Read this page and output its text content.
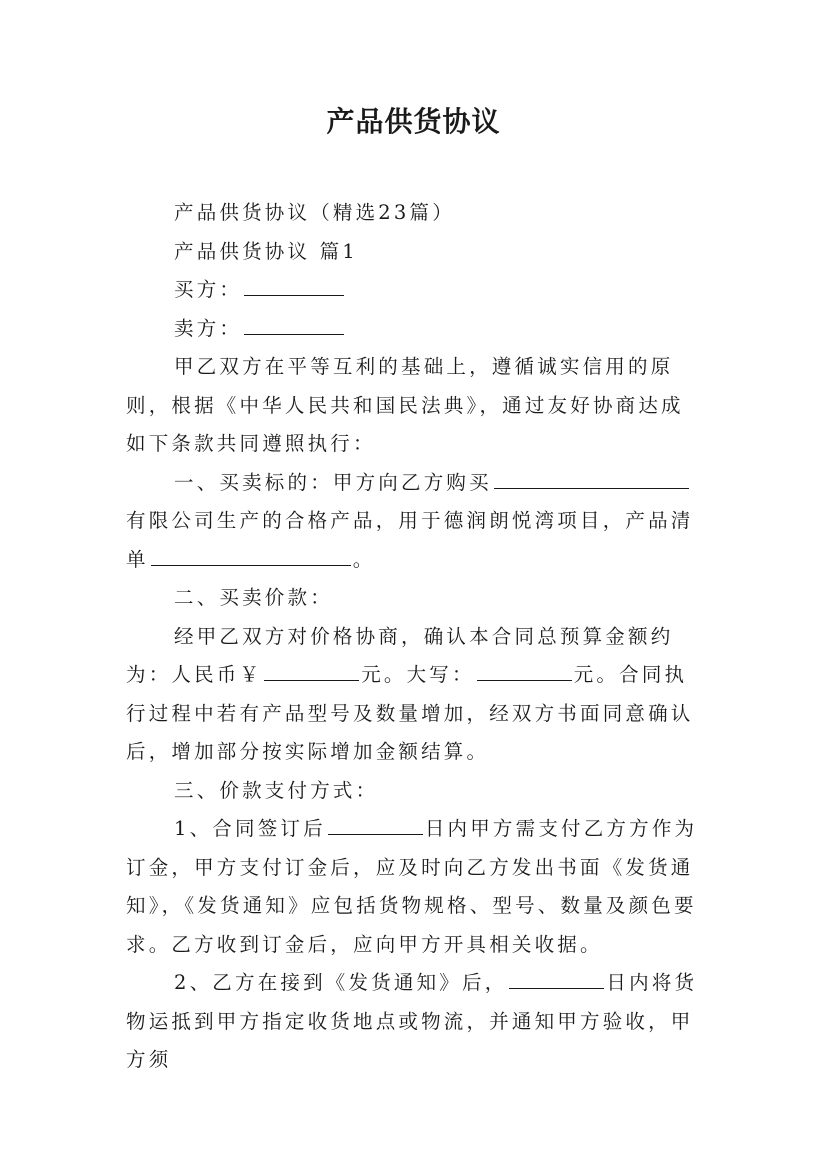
产品供货协议

产品供货协议（精选23篇）

产品供货协议 篇1

买方：

卖方：

甲乙双方在平等互利的基础上，遵循诚实信用的原则，根据《中华人民共和国民法典》，通过友好协商达成如下条款共同遵照执行：

一、买卖标的：甲方向乙方购买有限公司生产的合格产品，用于德润朗悦湾项目，产品清单	。

二、买卖价款：

经甲乙双方对价格协商，确认本合同总预算金额约为：人民币￥	元。大写：	元。合同执行过程中若有产品型号及数量增加，经双方书面同意确认后，增加部分按实际增加金额结算。

三、价款支付方式：

1、合同签订后	日内甲方需支付乙方方作为订金，甲方支付订金后，应及时向乙方发出书面《发货通知》，《发货通知》应包括货物规格、型号、数量及颜色要求。乙方收到订金后，应向甲方开具相关收据。

2、乙方在接到《发货通知》后，	日内将货物运抵到甲方指定收货地点或物流，并通知甲方验收，甲方须
